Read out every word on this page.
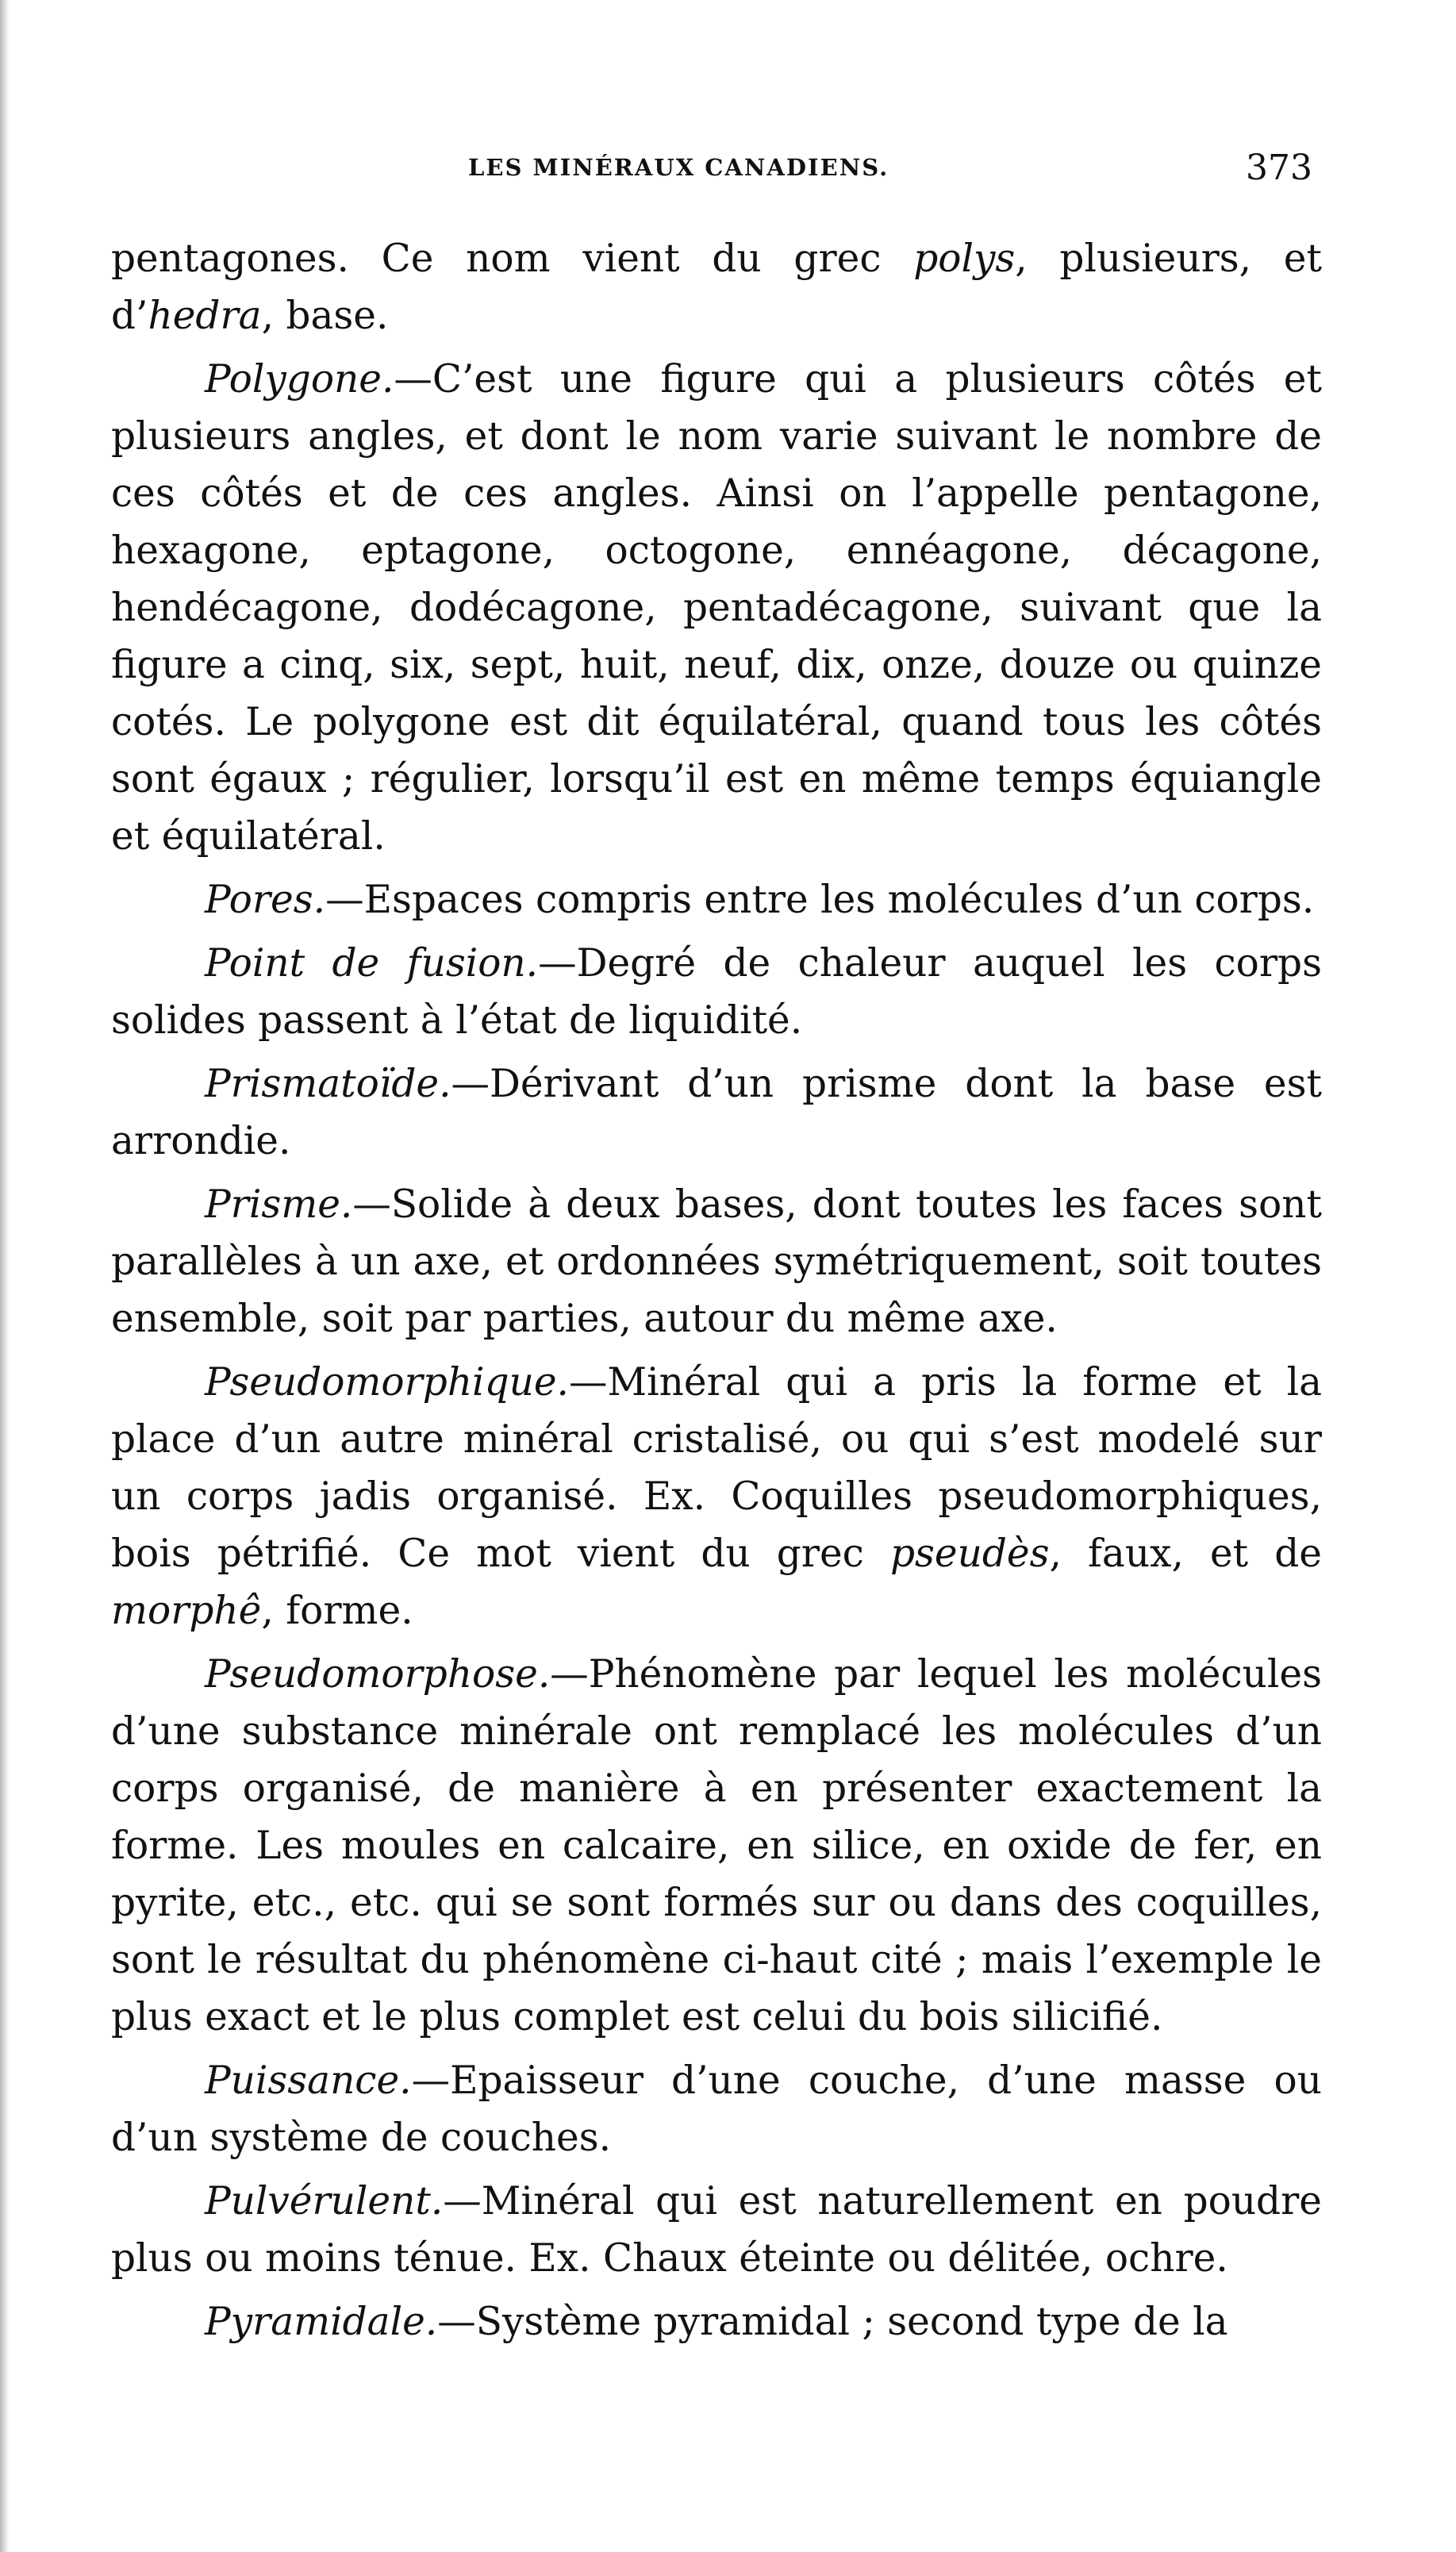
LES MINÉRAUX CANADIENS.	373

pentagones. Ce nom vient du grec polys, plusieurs, et d’hedra, base.

Polygone.—C’est une figure qui a plusieurs côtés et plusieurs angles, et dont le nom varie suivant le nombre de ces côtés et de ces angles. Ainsi on l’appelle pentagone, hexagone, eptagone, octogone, ennéagone, décagone, hendécagone, dodécagone, pentadécagone, suivant que la figure a cinq, six, sept, huit, neuf, dix, onze, douze ou quinze cotés. Le polygone est dit équilatéral, quand tous les côtés sont égaux ; régulier, lorsqu’il est en même temps équiangle et équilatéral.

Pores.—Espaces compris entre les molécules d’un corps.

Point de fusion.—Degré de chaleur auquel les corps solides passent à l’état de liquidité.

Prismatoïde.—Dérivant d’un prisme dont la base est arrondie.

Prisme.—Solide à deux bases, dont toutes les faces sont parallèles à un axe, et ordonnées symétriquement, soit toutes ensemble, soit par parties, autour du même axe.

Pseudomorphique.—Minéral qui a pris la forme et la place d’un autre minéral cristalisé, ou qui s’est modelé sur un corps jadis organisé. Ex. Coquilles pseudomorphiques, bois pétrifié. Ce mot vient du grec pseudès, faux, et de morphê, forme.

Pseudomorphose.—Phénomène par lequel les molécules d’une substance minérale ont remplacé les molécules d’un corps organisé, de manière à en présenter exactement la forme. Les moules en calcaire, en silice, en oxide de fer, en pyrite, etc., etc. qui se sont formés sur ou dans des coquilles, sont le résultat du phénomène ci-haut cité ; mais l’exemple le plus exact et le plus complet est celui du bois silicifié.

Puissance.—Epaisseur d’une couche, d’une masse ou d’un système de couches.

Pulvérulent.—Minéral qui est naturellement en poudre plus ou moins ténue. Ex. Chaux éteinte ou délitée, ochre.

Pyramidale.—Système pyramidal ; second type de la
